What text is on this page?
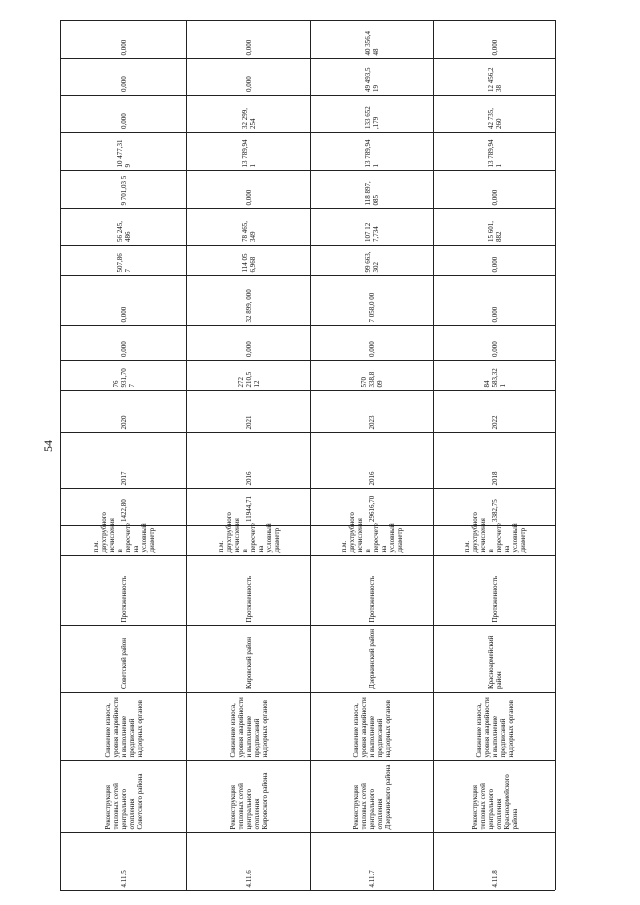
54
4.11.5
Реконструкция тепловых сетей центрального отопления Советского района
Снижение износа, уровня аварийности и выполнение предписаний надзорных органов
Советский район
Протяженность
п.м. двухтрубного исчисления в пересчете на условный диаметр
1422,80
2017
2020
76 931,70 7
0,000
0,000
507,86 7
56 245, 486
9 701,03 5
10 477,31 9
0,000
0,000
0,000
4.11.6
Реконструкция тепловых сетей центрального отопления Кировского района
Снижение износа, уровня аварийности и выполнение предписаний надзорных органов
Кировский район
Протяженность
п.м. двухтрубного исчисления в пересчете на условный диаметр
11944,71
2016
2021
272 210,5 12
0,000
32 899, 000
114 05 6,968
78 465, 349
0,000
13 789,94 1
32 299, 254
0,000
0,000
4.11.7
Реконструкция тепловых сетей центрального отопления Дзержинского района
Снижение износа, уровня аварийности и выполнение предписаний надзорных органов
Дзержинский район
Протяженность
п.м. двухтрубного исчисления в пересчете на условный диаметр
29616,70
2016
2023
570 338,8 09
0,000
7 058,0 00
99 663, 302
107 12 7,734
118 897, 085
13 789,94 1
133 652 ,179
49 493,5 19
40 356,4 48
4.11.8
Реконструкция тепловых сетей центрального отопления Красноармейского района
Снижение износа, уровня аварийности и выполнение предписаний надзорных органов
Красноармейский район
Протяженность
п.м. двухтрубного исчисления в пересчете на условный диаметр
3382,75
2018
2022
84 583,32 1
0,000
0,000
0,000
15 601, 882
0,000
13 789,94 1
42 735, 260
12 456,2 38
0,000
